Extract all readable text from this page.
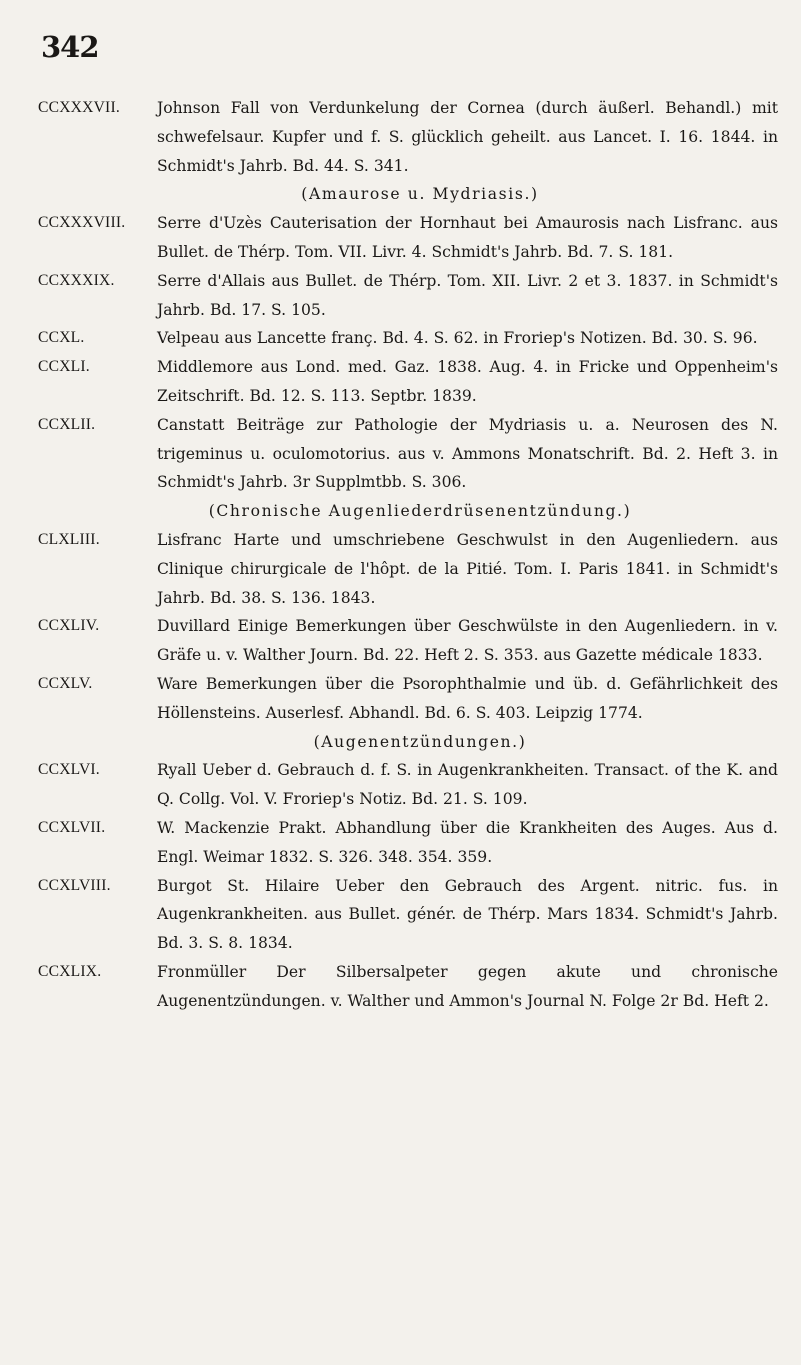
342
CCXXXVII. Johnson Fall von Verdunkelung der Cornea (durch äußerl. Behandl.) mit schwefelsaur. Kupfer und f. S. glücklich geheilt. aus Lancet. I. 16. 1844. in Schmidt's Jahrb. Bd. 44. S. 341.
(Amaurose u. Mydriasis.)
CCXXXVIII. Serre d'Uzès Cauterisation der Hornhaut bei Amaurosis nach Lisfranc. aus Bullet. de Thérp. Tom. VII. Livr. 4. Schmidt's Jahrb. Bd. 7. S. 181.
CCXXXIX.	Serre d'Allais aus Bullet. de Thérp. Tom. XII. Livr. 2 et 3. 1837. in Schmidt's Jahrb. Bd. 17. S. 105.
CCXL.	Velpeau aus Lancette franç. Bd. 4. S. 62. in Froriep's Notizen. Bd. 30. S. 96.
CCXLI.	Middlemore aus Lond. med. Gaz. 1838. Aug. 4. in Fricke und Oppenheim's Zeitschrift. Bd. 12. S. 113. Septbr. 1839.
CCXLII.	Canstatt Beiträge zur Pathologie der Mydriasis u. a. Neurosen des N. trigeminus u. oculomotorius. aus v. Ammons Monatschrift. Bd. 2. Heft 3. in Schmidt's Jahrb. 3r Supplmtbb. S. 306.
(Chronische Augenliederdrüsenentzündung.)
CLXLIII.	Lisfranc Harte und umschriebene Geschwulst in den Augenliedern. aus Clinique chirurgicale de l'hôpt. de la Pitié. Tom. I. Paris 1841. in Schmidt's Jahrb. Bd. 38. S. 136. 1843.
CCXLIV.	Duvillard Einige Bemerkungen über Geschwülste in den Augenliedern. in v. Gräfe u. v. Walther Journ. Bd. 22. Heft 2. S. 353. aus Gazette médicale 1833.
CCXLV.	Ware Bemerkungen über die Psorophthalmie und üb. d. Gefährlichkeit des Höllensteins. Auserlesf. Abhandl. Bd. 6. S. 403. Leipzig 1774.
(Augenentzündungen.)
CCXLVI.	Ryall Ueber d. Gebrauch d. f. S. in Augenkrankheiten. Transact. of the K. and Q. Collg. Vol. V. Froriep's Notiz. Bd. 21. S. 109.
CCXLVII.	W. Mackenzie Prakt. Abhandlung über die Krankheiten des Auges. Aus d. Engl. Weimar 1832. S. 326. 348. 354. 359.
CCXLVIII.	Burgot St. Hilaire Ueber den Gebrauch des Argent. nitric. fus. in Augenkrankheiten. aus Bullet. génér. de Thérp. Mars 1834. Schmidt's Jahrb. Bd. 3. S. 8. 1834.
CCXLIX.	Fronmüller Der Silbersalpeter gegen akute und chronische Augenentzündungen. v. Walther und Ammon's Journal N. Folge 2r Bd. Heft 2.
